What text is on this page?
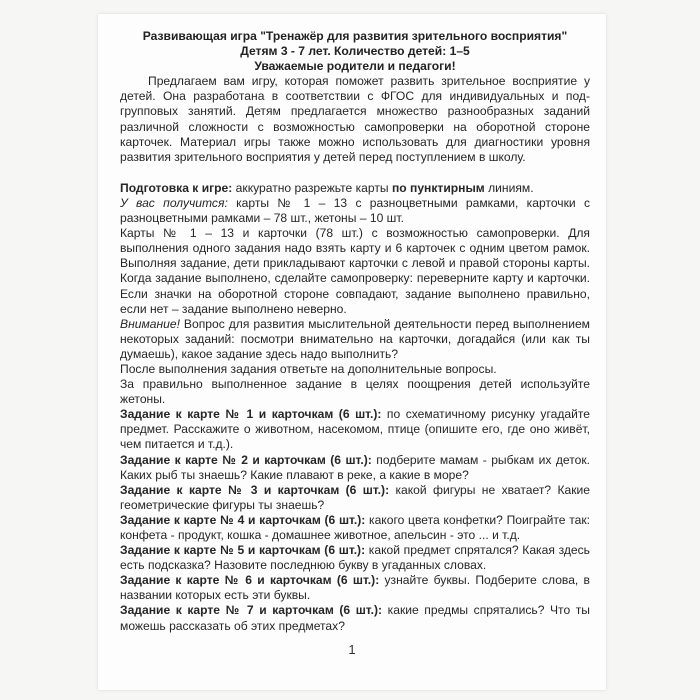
Развивающая игра "Тренажёр для развития зрительного восприятия"

Детям 3 - 7 лет. Количество детей: 1–5

Уважаемые родители и педагоги!

Предлагаем вам игру, которая поможет развить зрительное восприятие у детей. Она разработана в соответствии с ФГОС для индивидуальных и под-групповых занятий. Детям предлагается множество разнообразных заданий различной сложности с возможностью самопроверки на оборотной стороне карточек. Материал игры также можно использовать для диагностики уровня развития зрительного восприятия у детей перед поступлением в школу.

Подготовка к игре: аккуратно разрежьте карты по пунктирным линиям.

У вас получится: карты № 1 – 13 с разноцветными рамками, карточки с разноцветными рамками – 78 шт., жетоны – 10 шт.

Карты № 1 – 13 и карточки (78 шт.) с возможностью самопроверки. Для выполнения одного задания надо взять карту и 6 карточек с одним цветом рамок. Выполняя задание, дети прикладывают карточки с левой и правой стороны карты. Когда задание выполнено, сделайте самопроверку: переверните карту и карточки. Если значки на оборотной стороне совпадают, задание выполнено правильно, если нет – задание выполнено неверно.

Внимание! Вопрос для развития мыслительной деятельности перед выполнением некоторых заданий: посмотри внимательно на карточки, догадайся (или как ты думаешь), какое задание здесь надо выполнить?

После выполнения задания ответьте на дополнительные вопросы.

За правильно выполненное задание в целях поощрения детей используйте жетоны.

Задание к карте № 1 и карточкам (6 шт.): по схематичному рисунку угадайте предмет. Расскажите о животном, насекомом, птице (опишите его, где оно живёт, чем питается и т.д.).

Задание к карте № 2 и карточкам (6 шт.): подберите мамам - рыбкам их деток. Каких рыб ты знаешь? Какие плавают в реке, а какие в море?

Задание к карте № 3 и карточкам (6 шт.): какой фигуры не хватает? Какие геометрические фигуры ты знаешь?

Задание к карте № 4 и карточкам (6 шт.): какого цвета конфетки? Поиграйте так: конфета - продукт, кошка - домашнее животное, апельсин - это ... и т.д.

Задание к карте № 5 и карточкам (6 шт.): какой предмет спрятался? Какая здесь есть подсказка? Назовите последнюю букву в угаданных словах.

Задание к карте № 6 и карточкам (6 шт.): узнайте буквы. Подберите слова, в названии которых есть эти буквы.

Задание к карте № 7 и карточкам (6 шт.): какие предмы спрятались? Что ты можешь рассказать об этих предметах?

1
